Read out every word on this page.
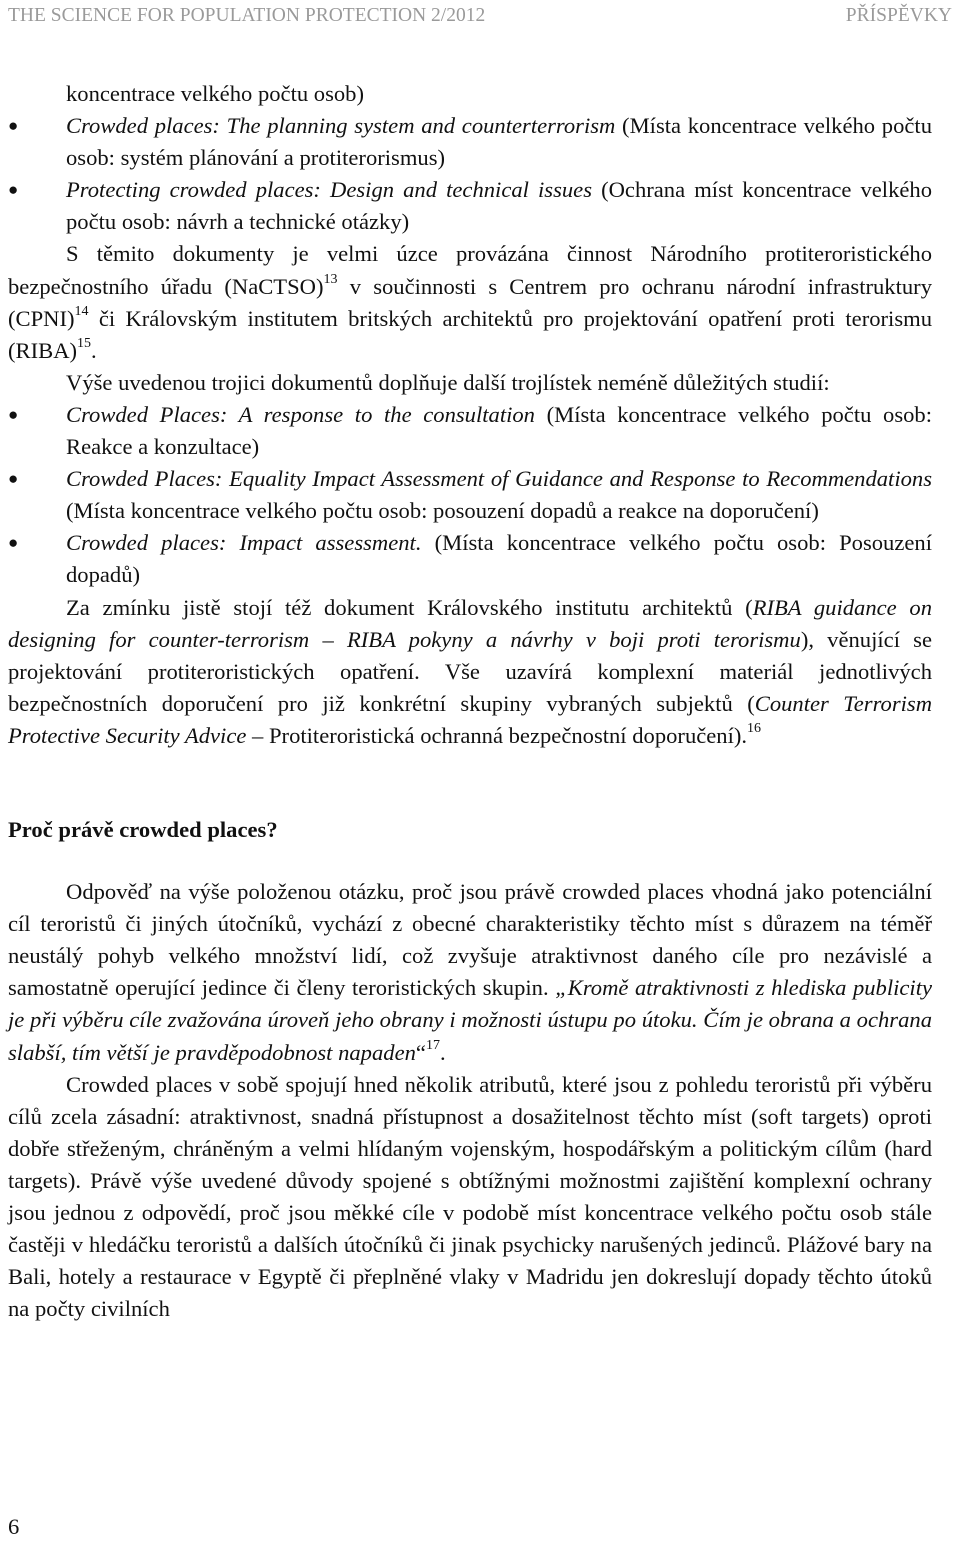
THE SCIENCE FOR POPULATION PROTECTION 2/2012	PŘÍSPĚVKY

koncentrace velkého počtu osob)

●	Crowded places: The planning system and counterterrorism (Místa koncentrace velkého počtu osob: systém plánování a protiterorismus)

●	Protecting crowded places: Design and technical issues (Ochrana míst koncentrace velkého počtu osob: návrh a technické otázky)

S těmito dokumenty je velmi úzce provázána činnost Národního protiteroristického bezpečnostního úřadu (NaCTSO)$^{13}$ v součinnosti s Centrem pro ochranu národní infrastruktury (CPNI)$^{14}$ či Královským institutem britských architektů pro projektování opatření proti terorismu (RIBA)$^{15}$.

Výše uvedenou trojici dokumentů doplňuje další trojlístek neméně důležitých studií:

●	Crowded Places: A response to the consultation (Místa koncentrace velkého počtu osob: Reakce a konzultace)

●	Crowded Places: Equality Impact Assessment of Guidance and Response to Recommendations (Místa koncentrace velkého počtu osob: posouzení dopadů a reakce na doporučení)

●	Crowded places: Impact assessment. (Místa koncentrace velkého počtu osob: Posouzení dopadů)

Za zmínku jistě stojí též dokument Královského institutu architektů (RIBA guidance on designing for counter-terrorism – RIBA pokyny a návrhy v boji proti terorismu), věnující se projektování protiteroristických opatření. Vše uzavírá komplexní materiál jednotlivých bezpečnostních doporučení pro již konkrétní skupiny vybraných subjektů (Counter Terrorism Protective Security Advice – Protiteroristická ochranná bezpečnostní doporučení).$^{16}$

Proč právě crowded places?

Odpověď na výše položenou otázku, proč jsou právě crowded places vhodná jako potenciální cíl teroristů či jiných útočníků, vychází z obecné charakteristiky těchto míst s důrazem na téměř neustálý pohyb velkého množství lidí, což zvyšuje atraktivnost daného cíle pro nezávislé a samostatně operující jedince či členy teroristických skupin. „Kromě atraktivnosti z hlediska publicity je při výběru cíle zvažována úroveň jeho obrany i možnosti ústupu po útoku. Čím je obrana a ochrana slabší, tím větší je pravděpodobnost napaden“$^{17}$.

Crowded places v sobě spojují hned několik atributů, které jsou z pohledu teroristů při výběru cílů zcela zásadní: atraktivnost, snadná přístupnost a dosažitelnost těchto míst (soft targets) oproti dobře střeženým, chráněným a velmi hlídaným vojenským, hospodářským a politickým cílům (hard targets). Právě výše uvedené důvody spojené s obtížnými možnostmi zajištění komplexní ochrany jsou jednou z odpovědí, proč jsou měkké cíle v podobě míst koncentrace velkého počtu osob stále častěji v hledáčku teroristů a dalších útočníků či jinak psychicky narušených jedinců. Plážové bary na Bali, hotely a restaurace v Egyptě či přeplněné vlaky v Madridu jen dokreslují dopady těchto útoků na počty civilních

6
